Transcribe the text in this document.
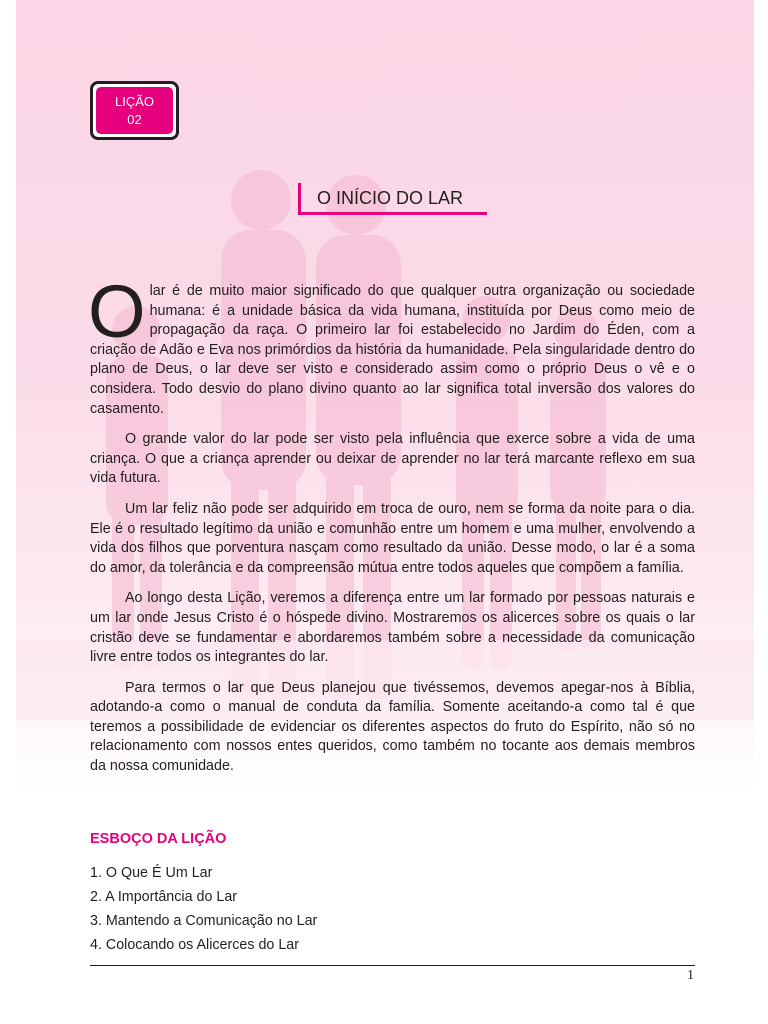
LIÇÃO
02
O INÍCIO DO LAR

Olar é de muito maior significado do que qualquer outra organização ou sociedade humana: é a unidade básica da vida humana, instituída por Deus como meio de propagação da raça. O primeiro lar foi estabelecido no Jardim do Éden, com a criação de Adão e Eva nos primórdios da história da humanidade. Pela singularidade dentro do plano de Deus, o lar deve ser visto e considerado assim como o próprio Deus o vê e o considera. Todo desvio do plano divino quanto ao lar significa total inversão dos valores do casamento.

O grande valor do lar pode ser visto pela influência que exerce sobre a vida de uma criança. O que a criança aprender ou deixar de aprender no lar terá marcante reflexo em sua vida futura.

Um lar feliz não pode ser adquirido em troca de ouro, nem se forma da noite para o dia. Ele é o resultado legítimo da união e comunhão entre um homem e uma mulher, envolvendo a vida dos filhos que porventura nasçam como resultado da união. Desse modo, o lar é a soma do amor, da tolerância e da compreensão mútua entre todos aqueles que compõem a família.

Ao longo desta Lição, veremos a diferença entre um lar formado por pessoas naturais e um lar onde Jesus Cristo é o hóspede divino. Mostraremos os alicerces sobre os quais o lar cristão deve se fundamentar e abordaremos também sobre a necessidade da comunicação livre entre todos os integrantes do lar.

Para termos o lar que Deus planejou que tivéssemos, devemos apegar-nos à Bíblia, adotando-a como o manual de conduta da família. Somente aceitando-a como tal é que teremos a possibilidade de evidenciar os diferentes aspectos do fruto do Espírito, não só no relacionamento com nossos entes queridos, como também no tocante aos demais membros da nossa comunidade.

ESBOÇO DA LIÇÃO
1. O Que É Um Lar
2. A Importância do Lar
3. Mantendo a Comunicação no Lar
4. Colocando os Alicerces do Lar
1
